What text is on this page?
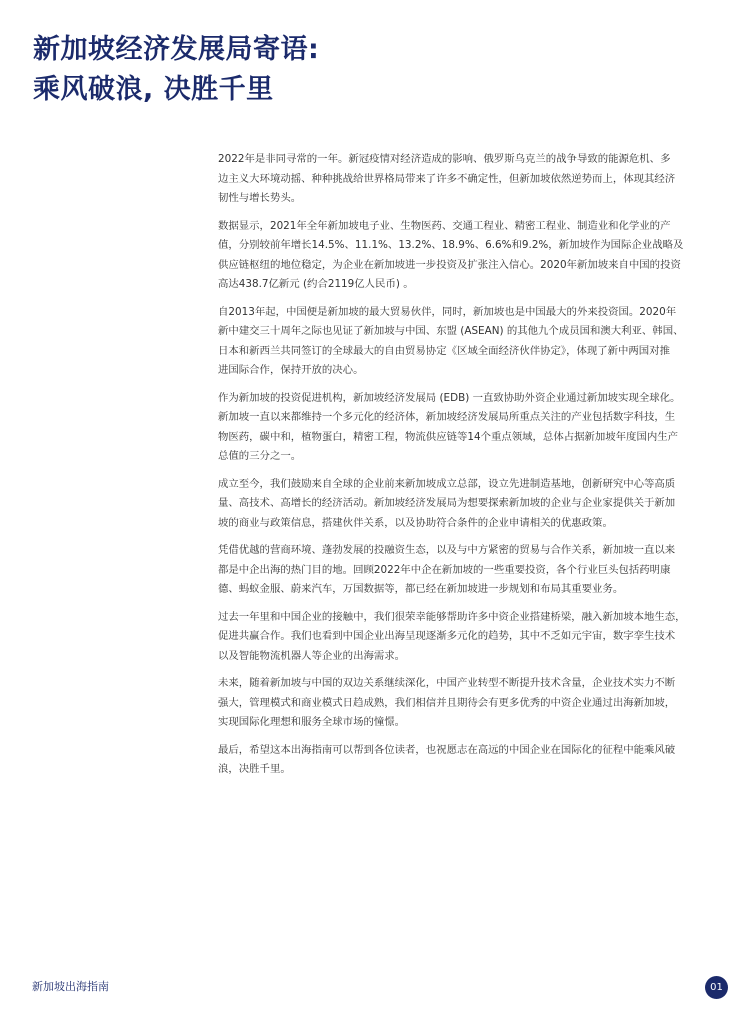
新加坡经济发展局寄语:
乘风破浪, 决胜千里

2022年是非同寻常的一年。新冠疫情对经济造成的影响、俄罗斯乌克兰的战争导致的能源危机、多
边主义大环境动摇、种种挑战给世界格局带来了许多不确定性，但新加坡依然逆势而上，体现其经济
韧性与增长势头。

数据显示，2021年全年新加坡电子业、生物医药、交通工程业、精密工程业、制造业和化学业的产
值，分别较前年增长14.5%、11.1%、13.2%、18.9%、6.6%和9.2%，新加坡作为国际企业战略及
供应链枢纽的地位稳定，为企业在新加坡进一步投资及扩张注入信心。2020年新加坡来自中国的投资
高达438.7亿新元 (约合2119亿人民币) 。

自2013年起，中国便是新加坡的最大贸易伙伴，同时，新加坡也是中国最大的外来投资国。2020年
新中建交三十周年之际也见证了新加坡与中国、东盟 (ASEAN) 的其他九个成员国和澳大利亚、韩国、
日本和新西兰共同签订的全球最大的自由贸易协定《区域全面经济伙伴协定》，体现了新中两国对推
进国际合作，保持开放的决心。

作为新加坡的投资促进机构，新加坡经济发展局 (EDB) 一直致协助外资企业通过新加坡实现全球化。
新加坡一直以来都维持一个多元化的经济体，新加坡经济发展局所重点关注的产业包括数字科技，生
物医药，碳中和，植物蛋白，精密工程，物流供应链等14个重点领域，总体占据新加坡年度国内生产
总值的三分之一。

成立至今，我们鼓励来自全球的企业前来新加坡成立总部，设立先进制造基地，创新研究中心等高质
量、高技术、高增长的经济活动。新加坡经济发展局为想要探索新加坡的企业与企业家提供关于新加
坡的商业与政策信息，搭建伙伴关系，以及协助符合条件的企业申请相关的优惠政策。

凭借优越的营商环境、蓬勃发展的投融资生态，以及与中方紧密的贸易与合作关系，新加坡一直以来
都是中企出海的热门目的地。回顾2022年中企在新加坡的一些重要投资，各个行业巨头包括药明康
德、蚂蚁金服、蔚来汽车，万国数据等，都已经在新加坡进一步规划和布局其重要业务。

过去一年里和中国企业的接触中，我们很荣幸能够帮助许多中资企业搭建桥梁，融入新加坡本地生态，
促进共赢合作。我们也看到中国企业出海呈现逐渐多元化的趋势，其中不乏如元宇宙，数字孪生技术
以及智能物流机器人等企业的出海需求。

未来，随着新加坡与中国的双边关系继续深化，中国产业转型不断提升技术含量，企业技术实力不断
强大，管理模式和商业模式日趋成熟，我们相信并且期待会有更多优秀的中资企业通过出海新加坡，
实现国际化理想和服务全球市场的憧憬。

最后，希望这本出海指南可以帮到各位读者，也祝愿志在高远的中国企业在国际化的征程中能乘风破
浪，决胜千里。

新加坡出海指南	01
